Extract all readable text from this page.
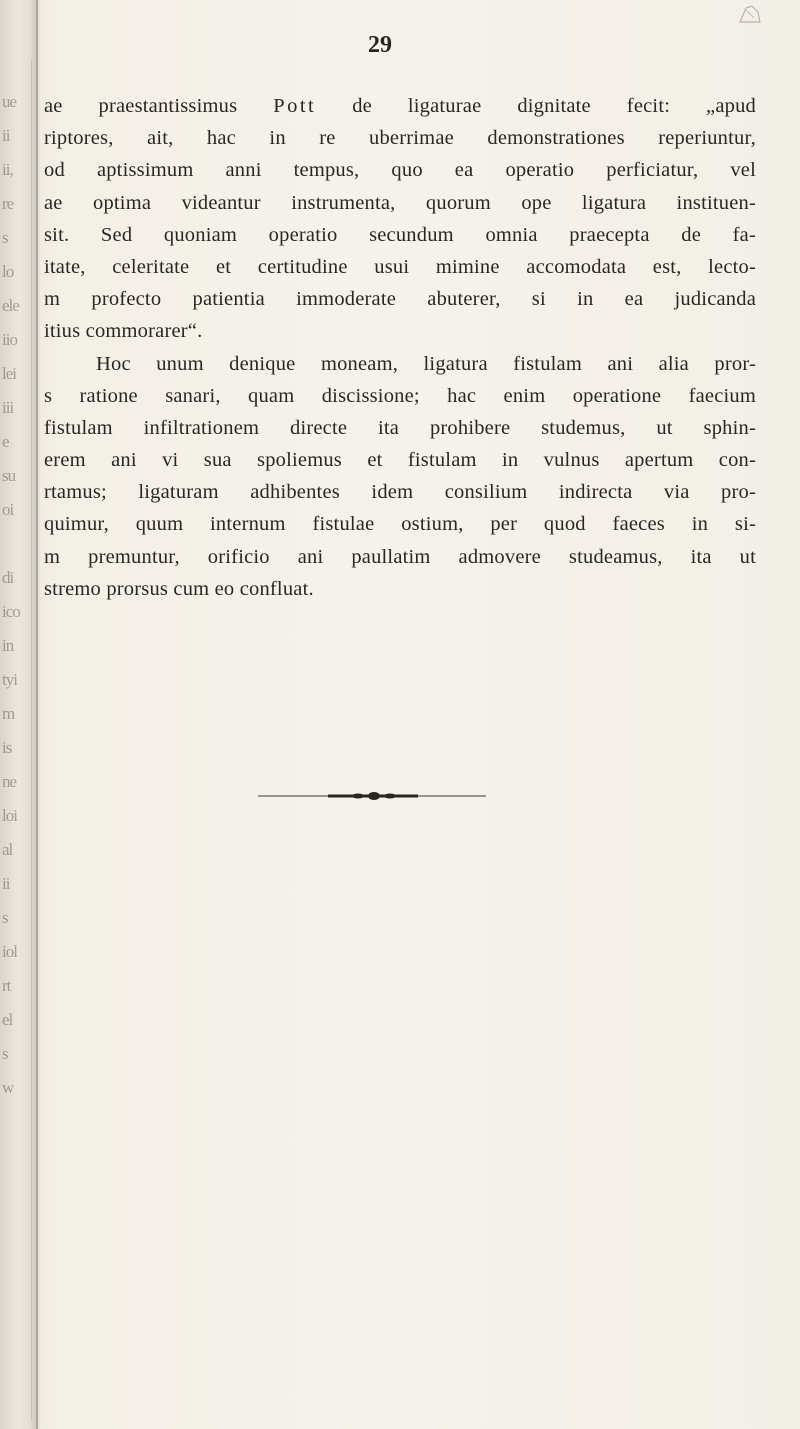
ue
ii
ii,
re
s
lo
ele
iio
lei
iii
e
su
oi
di
ico
in
tyi
m
is
ne
loi
al
ii
s
iol
rt
el
s
w
29
ae praestantissimus Pott de ligaturae dignitate fecit: „apud
riptores, ait, hac in re uberrimae demonstrationes reperiuntur,
od aptissimum anni tempus, quo ea operatio perficiatur, vel
ae optima videantur instrumenta, quorum ope ligatura instituen-
sit. Sed quoniam operatio secundum omnia praecepta de fa-
itate, celeritate et certitudine usui mimine accomodata est, lecto-
m profecto patientia immoderate abuterer, si in ea judicanda
itius commorarer“.
Hoc unum denique moneam, ligatura fistulam ani alia pror-
s ratione sanari, quam discissione; hac enim operatione faecium
fistulam infiltrationem directe ita prohibere studemus, ut sphin-
erem ani vi sua spoliemus et fistulam in vulnus apertum con-
rtamus; ligaturam adhibentes idem consilium indirecta via pro-
quimur, quum internum fistulae ostium, per quod faeces in si-
m premuntur, orificio ani paullatim admovere studeamus, ita ut
stremo prorsus cum eo confluat.
